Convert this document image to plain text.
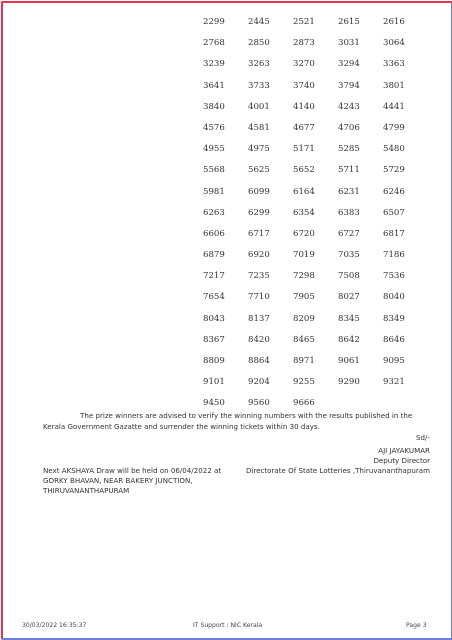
2299	2445	2521	2615	2616
2768	2850	2873	3031	3064
3239	3263	3270	3294	3363
3641	3733	3740	3794	3801
3840	4001	4140	4243	4441
4576	4581	4677	4706	4799
4955	4975	5171	5285	5480
5568	5625	5652	5711	5729
5981	6099	6164	6231	6246
6263	6299	6354	6383	6507
6606	6717	6720	6727	6817
6879	6920	7019	7035	7186
7217	7235	7298	7508	7536
7654	7710	7905	8027	8040
8043	8137	8209	8345	8349
8367	8420	8465	8642	8646
8809	8864	8971	9061	9095
9101	9204	9255	9290	9321
9450	9560	9666
The prize winners are advised to verify the winning numbers with the results published in the Kerala Government Gazatte and surrender the winning tickets within 30 days.
Sd/-
AJI JAYAKUMAR
Deputy Director
Directorate Of State Lotteries ,Thiruvananthapuram
Next AKSHAYA Draw will be held on 06/04/2022 at
GORKY BHAVAN, NEAR BAKERY JUNCTION,
THIRUVANANTHAPURAM
30/03/2022 16:35:37	IT Support : NIC Kerala	Page 3
